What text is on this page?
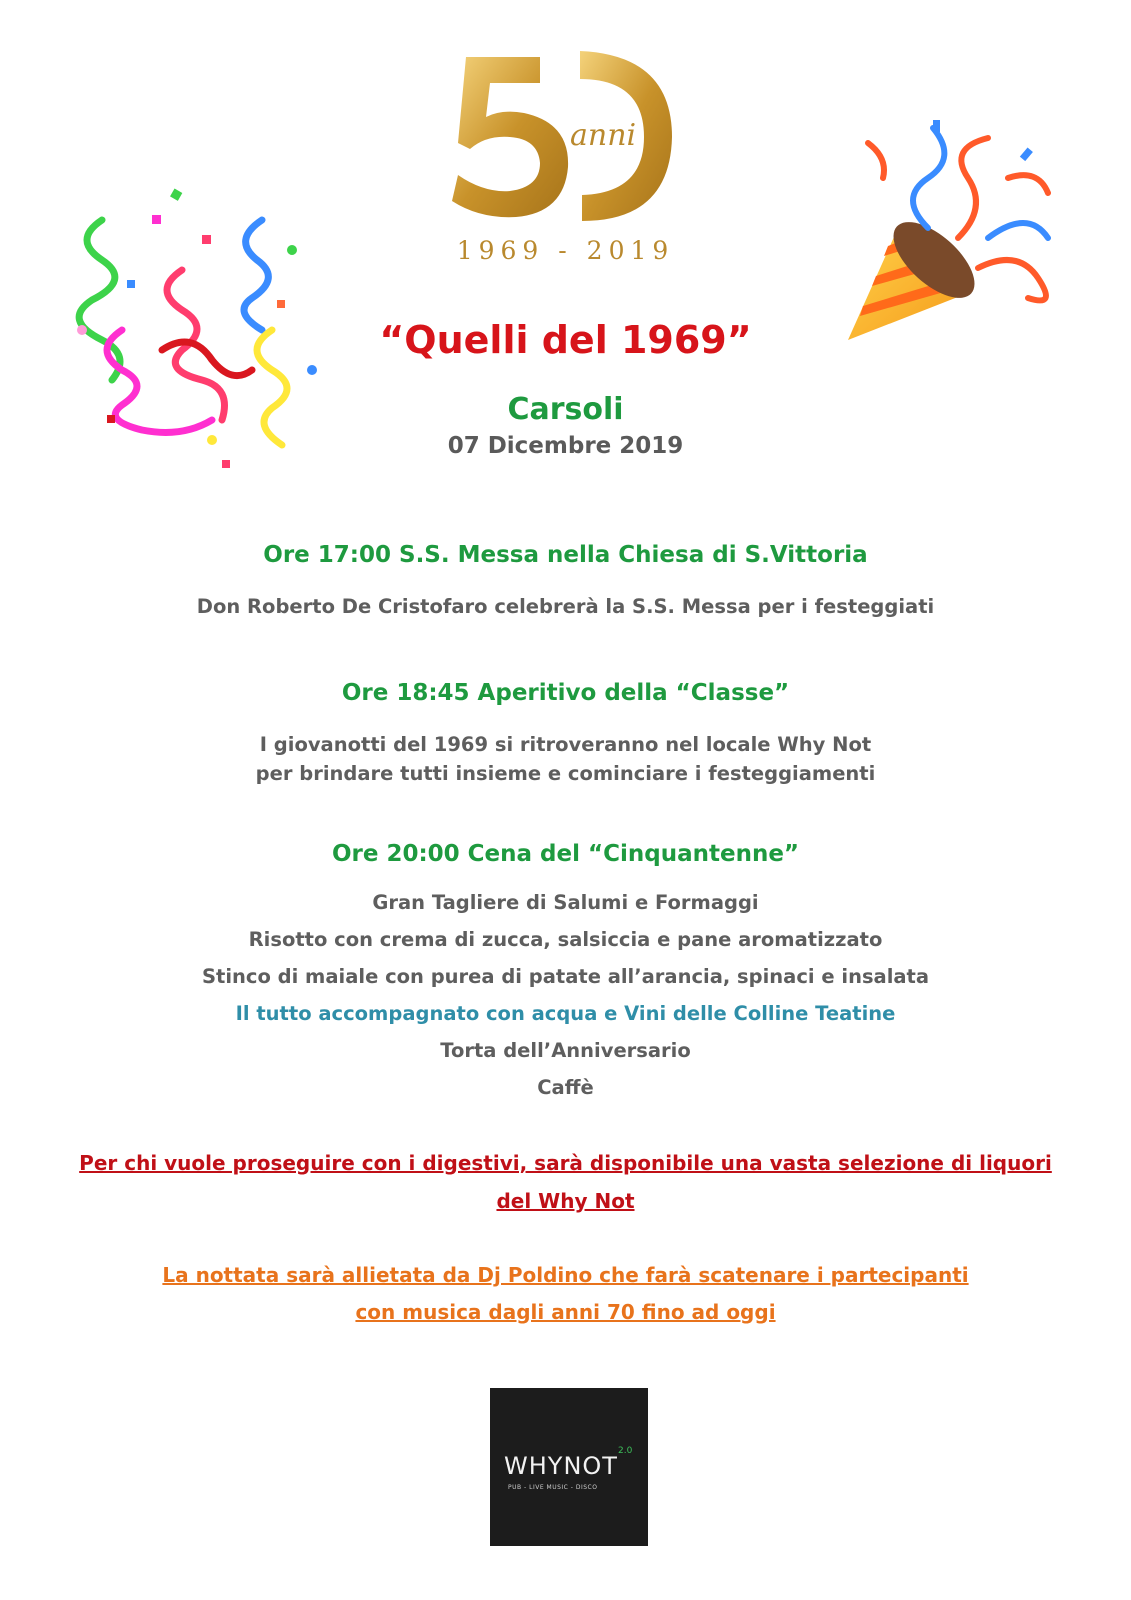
anni
1969 - 2019
“Quelli del 1969”
Carsoli
07 Dicembre 2019
Ore 17:00 S.S. Messa nella Chiesa di S.Vittoria
Don Roberto De Cristofaro celebrerà la S.S. Messa per i festeggiati
Ore 18:45 Aperitivo della “Classe”
I giovanotti del 1969 si ritroveranno nel locale Why Not
per brindare tutti insieme e cominciare i festeggiamenti
Ore 20:00 Cena del “Cinquantenne”
Gran Tagliere di Salumi e Formaggi
Risotto con crema di zucca, salsiccia e pane aromatizzato
Stinco di maiale con purea di patate all’arancia, spinaci e insalata
Il tutto accompagnato con acqua e Vini delle Colline Teatine
Torta dell’Anniversario
Caffè
Per chi vuole proseguire con i digestivi, sarà disponibile una vasta selezione di liquori
del Why Not
La nottata sarà allietata da Dj Poldino che farà scatenare i partecipanti
con musica dagli anni 70 fino ad oggi
WHYNOT
2.0
PUB - LIVE MUSIC - DISCO
